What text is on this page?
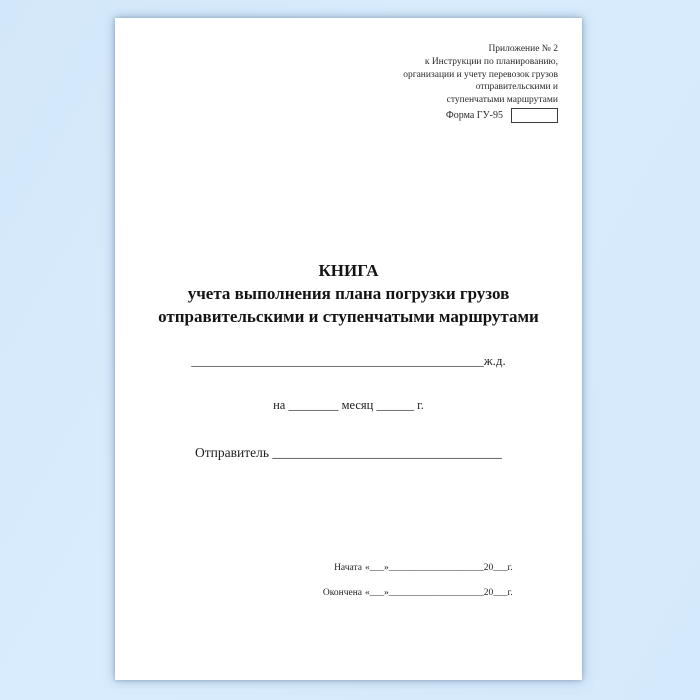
Приложение № 2
к Инструкции по планированию,
организации и учету перевозок грузов
отправительскими и
ступенчатыми маршрутами
Форма ГУ-95
КНИГА
учета выполнения плана погрузки грузов
отправительскими и ступенчатыми маршрутами
_____________________________________________ж.д.
на ________ месяц ______ г.
Отправитель __________________________________
Начата «___»____________________20___г.
Окончена «___»____________________20___г.
